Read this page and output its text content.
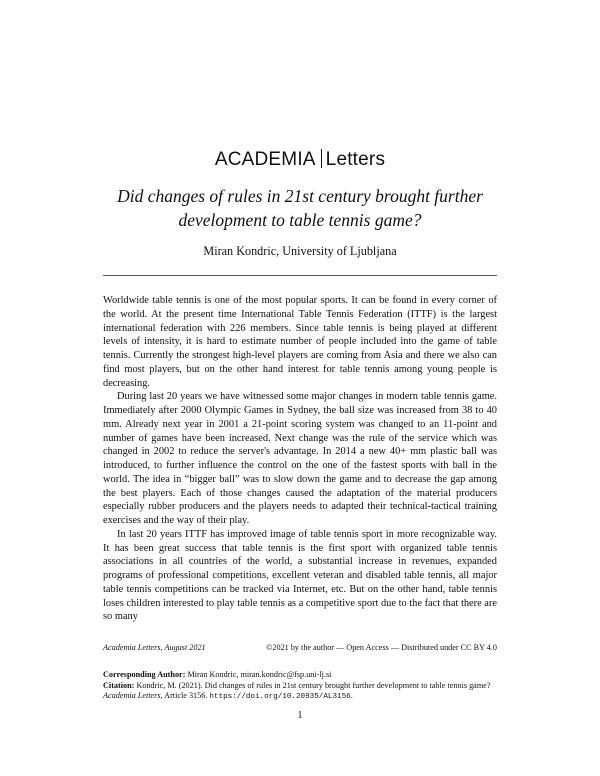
ACADEMIA Letters
Did changes of rules in 21st century brought further
development to table tennis game?
Miran Kondric, University of Ljubljana

Worldwide table tennis is one of the most popular sports. It can be found in every corner of the world. At the present time International Table Tennis Federation (ITTF) is the largest international federation with 226 members. Since table tennis is being played at different levels of intensity, it is hard to estimate number of people included into the game of table tennis. Currently the strongest high-level players are coming from Asia and there we also can find most players, but on the other hand interest for table tennis among young people is decreasing.

During last 20 years we have witnessed some major changes in modern table tennis game. Immediately after 2000 Olympic Games in Sydney, the ball size was increased from 38 to 40 mm. Already next year in 2001 a 21-point scoring system was changed to an 11-point and number of games have been increased. Next change was the rule of the service which was changed in 2002 to reduce the server's advantage. In 2014 a new 40+ mm plastic ball was introduced, to further influence the control on the one of the fastest sports with ball in the world. The idea in “bigger ball” was to slow down the game and to decrease the gap among the best players. Each of those changes caused the adaptation of the material producers especially rubber producers and the players needs to adapted their technical-tactical training exercises and the way of their play.

In last 20 years ITTF has improved image of table tennis sport in more recognizable way. It has been great success that table tennis is the first sport with organized table tennis associations in all countries of the world, a substantial increase in revenues, expanded programs of professional competitions, excellent veteran and disabled table tennis, all major table tennis competitions can be tracked via Internet, etc. But on the other hand, table tennis loses children interested to play table tennis as a competitive sport due to the fact that there are so many

Academia Letters, August 2021	©2021 by the author — Open Access — Distributed under CC BY 4.0

Corresponding Author: Miran Kondric, miran.kondric@fsp.uni-lj.si

Citation: Kondric, M. (2021). Did changes of rules in 21st century brought further development to table tennis game? Academia Letters, Article 3156. https://doi.org/10.20935/AL3156.

1
